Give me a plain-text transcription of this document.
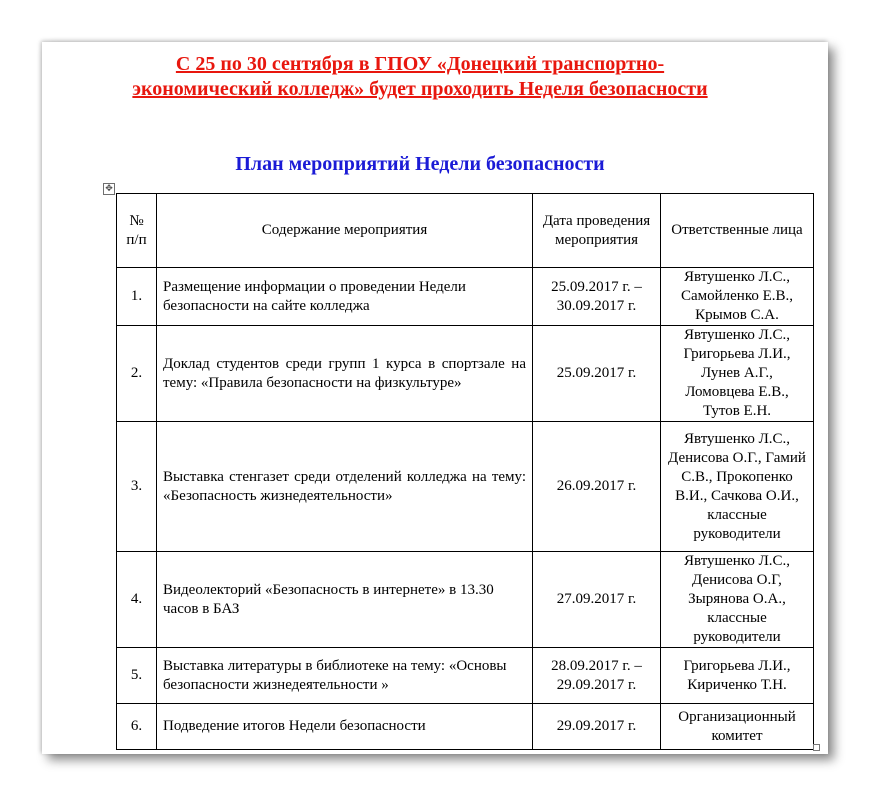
С 25 по 30 сентября в ГПОУ «Донецкий транспортно-
экономический колледж» будет проходить Неделя безопасности
План мероприятий Недели безопасности
✥
№ п/п	Содержание мероприятия	Дата проведения мероприятия	Ответственные лица
1.	Размещение информации о проведении Недели безопасности на сайте колледжа	25.09.2017 г. – 30.09.2017 г.	Явтушенко Л.С., Самойленко Е.В., Крымов С.А.
2.	Доклад студентов среди групп 1 курса в спортзале на тему: «Правила безопасности на физкультуре»	25.09.2017 г.	Явтушенко Л.С., Григорьева Л.И., Лунев А.Г., Ломовцева Е.В., Тутов Е.Н.
3.	Выставка стенгазет среди отделений колледжа на тему: «Безопасность жизнедеятельности»	26.09.2017 г.	Явтушенко Л.С., Денисова О.Г., Гамий С.В., Прокопенко В.И., Сачкова О.И., классные руководители
4.	Видеолекторий «Безопасность в интернете» в 13.30 часов в БАЗ	27.09.2017 г.	Явтушенко Л.С., Денисова О.Г, Зырянова О.А., классные руководители
5.	Выставка литературы в библиотеке на тему: «Основы безопасности жизнедеятельности »	28.09.2017 г. – 29.09.2017 г.	Григорьева Л.И., Кириченко Т.Н.
6.	Подведение итогов Недели безопасности	29.09.2017 г.	Организационный комитет
